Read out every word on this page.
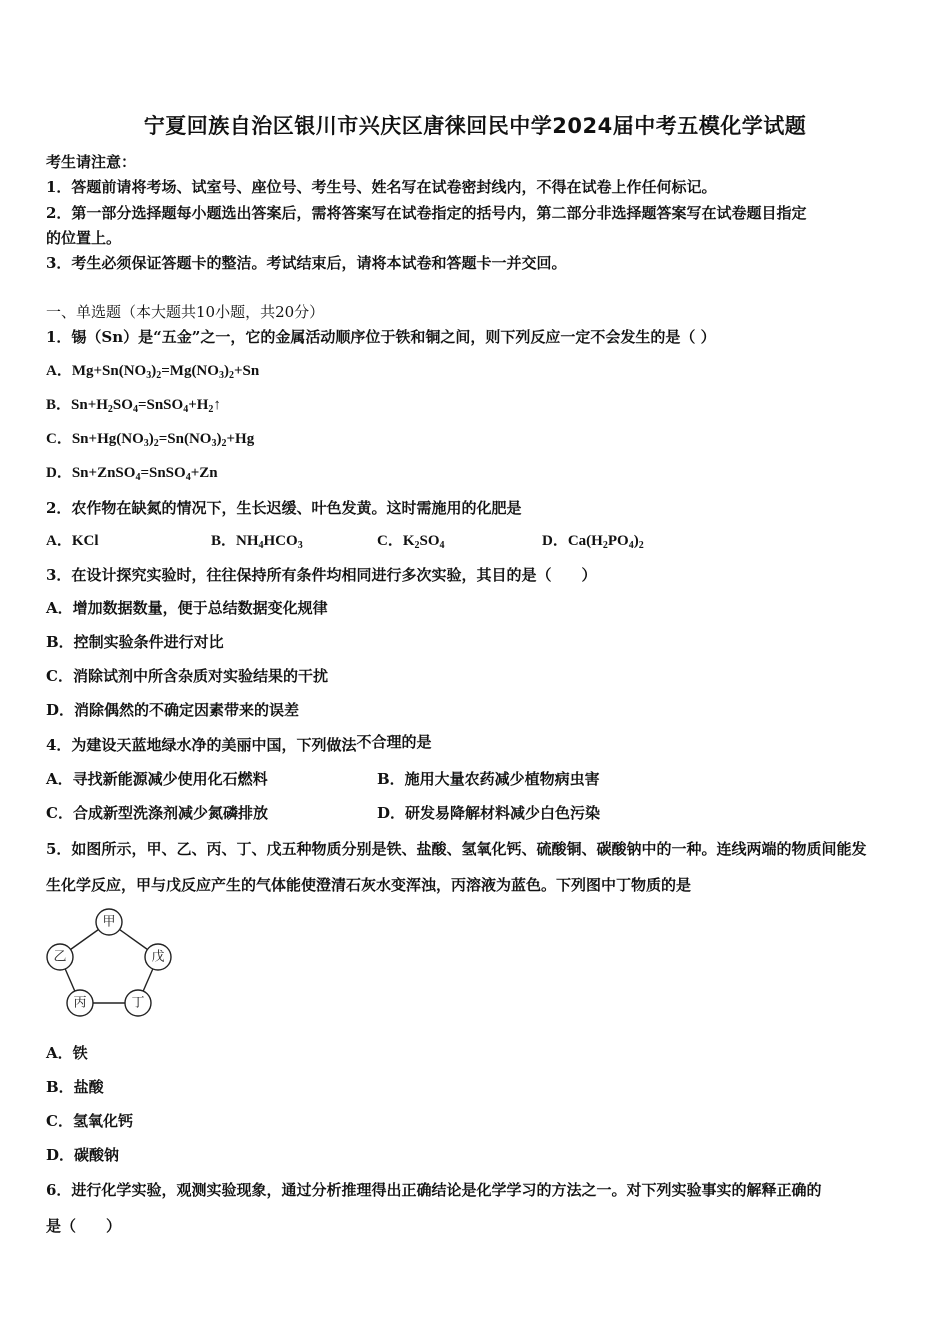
宁夏回族自治区银川市兴庆区唐徕回民中学2024届中考五模化学试题
考生请注意：
1．答题前请将考场、试室号、座位号、考生号、姓名写在试卷密封线内，不得在试卷上作任何标记。
2．第一部分选择题每小题选出答案后，需将答案写在试卷指定的括号内，第二部分非选择题答案写在试卷题目指定
的位置上。
3．考生必须保证答题卡的整洁。考试结束后，请将本试卷和答题卡一并交回。
一、单选题（本大题共10小题，共20分）
1．锡（Sn）是“五金”之一，它的金属活动顺序位于铁和铜之间，则下列反应一定不会发生的是（ ）
A．$Mg+Sn(NO_3)_2=Mg(NO_3)_2+Sn$
B．$Sn+H_2SO_4=SnSO_4+H_2↑$
C．$Sn+Hg(NO_3)_2=Sn(NO_3)_2+Hg$
D．Sn+ZnSO$_4$=SnSO$_4$+Zn
2．农作物在缺氮的情况下，生长迟缓、叶色发黄。这时需施用的化肥是
A．KCl	B．$NH_4HCO_3$	C．$K_2SO_4$	D．$Ca(H_2PO_4)_2$
3．在设计探究实验时，往往保持所有条件均相同进行多次实验，其目的是（　　）
A．增加数据数量，便于总结数据变化规律
B．控制实验条件进行对比
C．消除试剂中所含杂质对实验结果的干扰
D．消除偶然的不确定因素带来的误差
4．为建设天蓝地绿水净的美丽中国，下列做法不合理的是
A．寻找新能源减少使用化石燃料	B．施用大量农药减少植物病虫害
C．合成新型洗涤剂减少氮磷排放	D．研发易降解材料减少白色污染
5．如图所示，甲、乙、丙、丁、戊五种物质分别是铁、盐酸、氢氧化钙、硫酸铜、碳酸钠中的一种。连线两端的物质间能发
生化学反应，甲与戊反应产生的气体能使澄清石灰水变浑浊，丙溶液为蓝色。下列图中丁物质的是
甲
乙	戊
丙	丁
A．铁
B．盐酸
C．氢氧化钙
D．碳酸钠
6．进行化学实验，观测实验现象，通过分析推理得出正确结论是化学学习的方法之一。对下列实验事实的解释正确的
是（　　）
